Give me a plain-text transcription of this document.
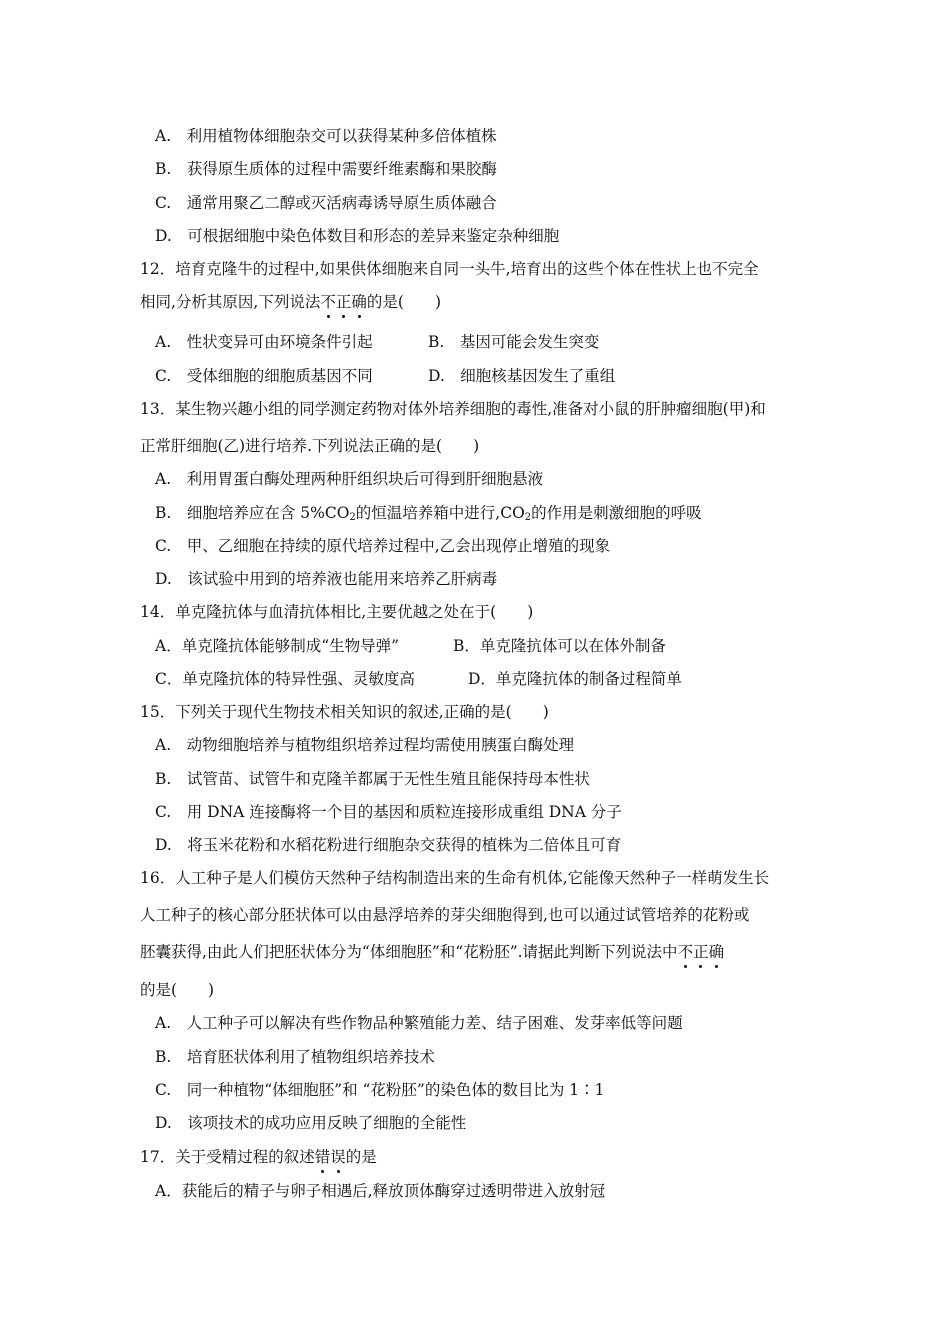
A.　利用植物体细胞杂交可以获得某种多倍体植株
B.　获得原生质体的过程中需要纤维素酶和果胶酶
C.　通常用聚乙二醇或灭活病毒诱导原生质体融合
D.　可根据细胞中染色体数目和形态的差异来鉴定杂种细胞
12．培育克隆牛的过程中,如果供体细胞来自同一头牛,培育出的这些个体在性状上也不完全
相同,分析其原因,下列说法不正确的是(　　)
A.　性状变异可由环境条件引起	B.　基因可能会发生突变
C.　受体细胞的细胞质基因不同	D.　细胞核基因发生了重组
13．某生物兴趣小组的同学测定药物对体外培养细胞的毒性,准备对小鼠的肝肿瘤细胞(甲)和
正常肝细胞(乙)进行培养.下列说法正确的是(　　)
A.　利用胃蛋白酶处理两种肝组织块后可得到肝细胞悬液
B.　细胞培养应在含 $5\%CO_2$的恒温培养箱中进行$,CO_2$的作用是刺激细胞的呼吸
C.　甲、乙细胞在持续的原代培养过程中,乙会出现停止增殖的现象
D.　该试验中用到的培养液也能用来培养乙肝病毒
14．单克隆抗体与血清抗体相比,主要优越之处在于(　　)
A．单克隆抗体能够制成“生物导弹”	B．单克隆抗体可以在体外制备
C．单克隆抗体的特异性强、灵敏度高	D．单克隆抗体的制备过程简单
15．下列关于现代生物技术相关知识的叙述,正确的是(　　)
A.　动物细胞培养与植物组织培养过程均需使用胰蛋白酶处理
B.　试管苗、试管牛和克隆羊都属于无性生殖且能保持母本性状
C.　用 DNA 连接酶将一个目的基因和质粒连接形成重组 DNA 分子
D.　将玉米花粉和水稻花粉进行细胞杂交获得的植株为二倍体且可育
16．人工种子是人们模仿天然种子结构制造出来的生命有机体,它能像天然种子一样萌发生长
人工种子的核心部分胚状体可以由悬浮培养的芽尖细胞得到,也可以通过试管培养的花粉或
胚囊获得,由此人们把胚状体分为“体细胞胚”和“花粉胚”.请据此判断下列说法中不正确
的是(　　)
A.　人工种子可以解决有些作物品种繁殖能力差、结子困难、发芽率低等问题
B.　培育胚状体利用了植物组织培养技术
C.　同一种植物“体细胞胚”和 “花粉胚”的染色体的数目比为 1∶1
D.　该项技术的成功应用反映了细胞的全能性
17．关于受精过程的叙述错误的是
A．获能后的精子与卵子相遇后,释放顶体酶穿过透明带进入放射冠
